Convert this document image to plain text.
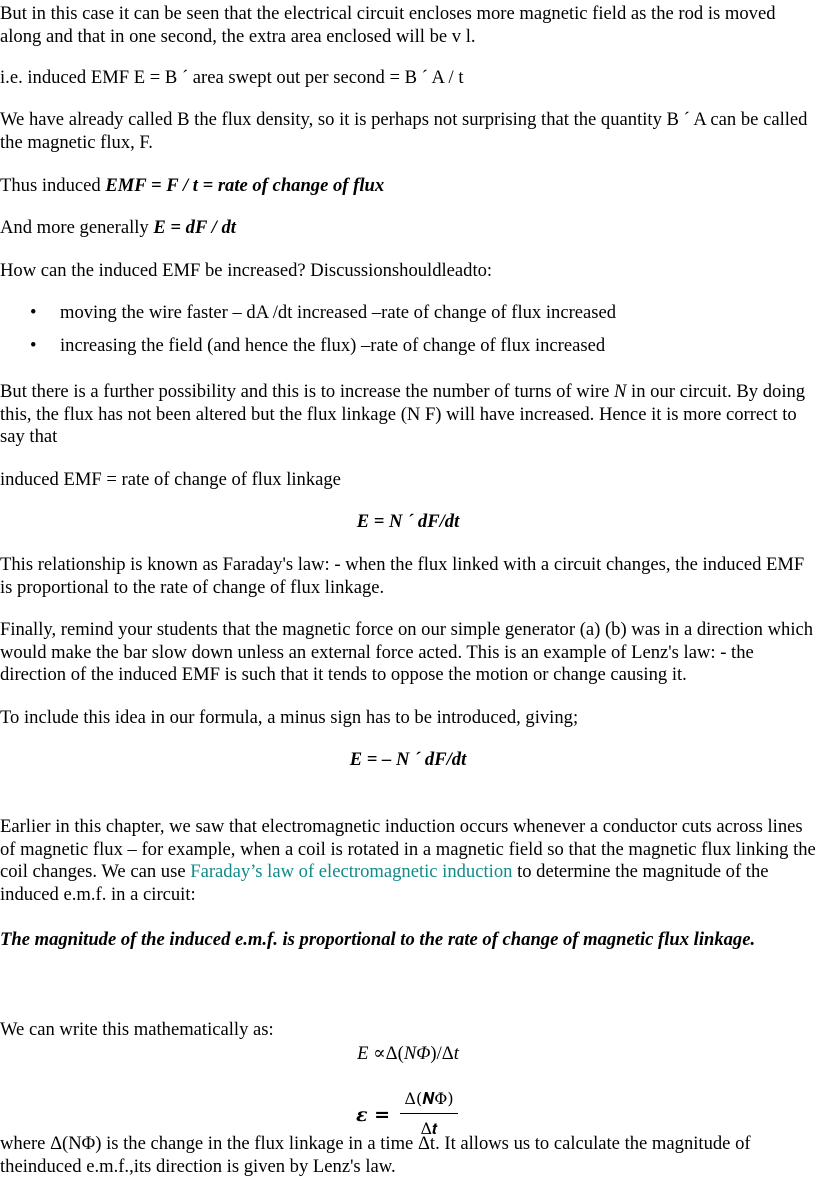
But in this case it can be seen that the electrical circuit encloses more magnetic field as the rod is moved along and that in one second, the extra area enclosed will be v l.

i.e. induced EMF E = B ´ area swept out per second = B ´ A / t

We have already called B the flux density, so it is perhaps not surprising that the quantity B ´ A can be called the magnetic flux, F.

Thus induced EMF = F / t = rate of change of flux

And more generally E = dF / dt

How can the induced EMF be increased? Discussionshouldleadto:

• moving the wire faster – dA /dt increased –rate of change of flux increased
• increasing the field (and hence the flux) –rate of change of flux increased

But there is a further possibility and this is to increase the number of turns of wire N in our circuit. By doing this, the flux has not been altered but the flux linkage (N F) will have increased. Hence it is more correct to say that

induced EMF = rate of change of flux linkage

E = N ´ dF/dt

This relationship is known as Faraday's law: - when the flux linked with a circuit changes, the induced EMF is proportional to the rate of change of flux linkage.

Finally, remind your students that the magnetic force on our simple generator (a) (b) was in a direction which would make the bar slow down unless an external force acted. This is an example of Lenz's law: - the direction of the induced EMF is such that it tends to oppose the motion or change causing it.

To include this idea in our formula, a minus sign has to be introduced, giving;

E = – N ´ dF/dt

Earlier in this chapter, we saw that electromagnetic induction occurs whenever a conductor cuts across lines of magnetic flux – for example, when a coil is rotated in a magnetic field so that the magnetic flux linking the coil changes. We can use Faraday’s law of electromagnetic induction to determine the magnitude of the induced e.m.f. in a circuit:

The magnitude of the induced e.m.f. is proportional to the rate of change of magnetic flux linkage.

We can write this mathematically as:

E ∝Δ(NΦ)/Δt

ε =
Δ(𝑵Φ)
Δ𝒕

where Δ(NΦ) is the change in the flux linkage in a time Δt. It allows us to calculate the magnitude of theinduced e.m.f.,its direction is given by Lenz's law.
